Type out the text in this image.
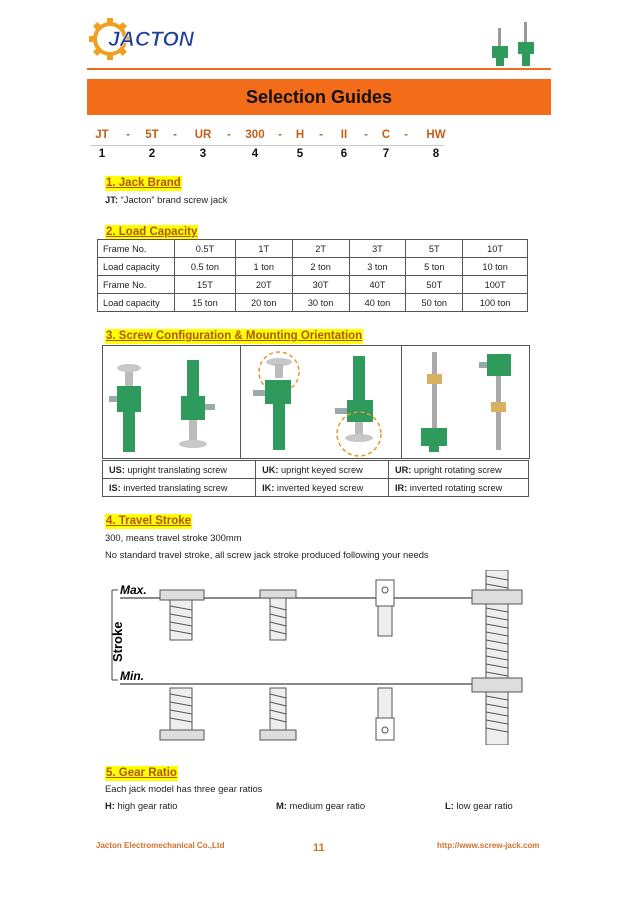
JACTON
Selection Guides
JT - 5T - UR - 300 - H - II - C - HW
1	2	3	4	5	6	7	8
1. Jack Brand
JT: “Jacton” brand screw jack
2. Load Capacity
Frame No.	0.5T	1T	2T	3T	5T	10T
Load capacity	0.5 ton	1 ton	2 ton	3 ton	5 ton	10 ton
Frame No.	15T	20T	30T	40T	50T	100T
Load capacity	15 ton	20 ton	30 ton	40 ton	50 ton	100 ton
3. Screw Configuration & Mounting Orientation
US: upright translating screw	UK: upright keyed screw	UR: upright rotating screw
IS: inverted translating screw	IK: inverted keyed screw	IR: inverted rotating screw
4. Travel Stroke
300, means travel stroke 300mm
No standard travel stroke, all screw jack stroke produced following your needs
Max.
Min.
Stroke
5. Gear Ratio
Each jack model has three gear ratios
H: high gear ratio	M: medium gear ratio	L: low gear ratio
Jacton Electromechanical Co.,Ltd	11	http://www.screw-jack.com
